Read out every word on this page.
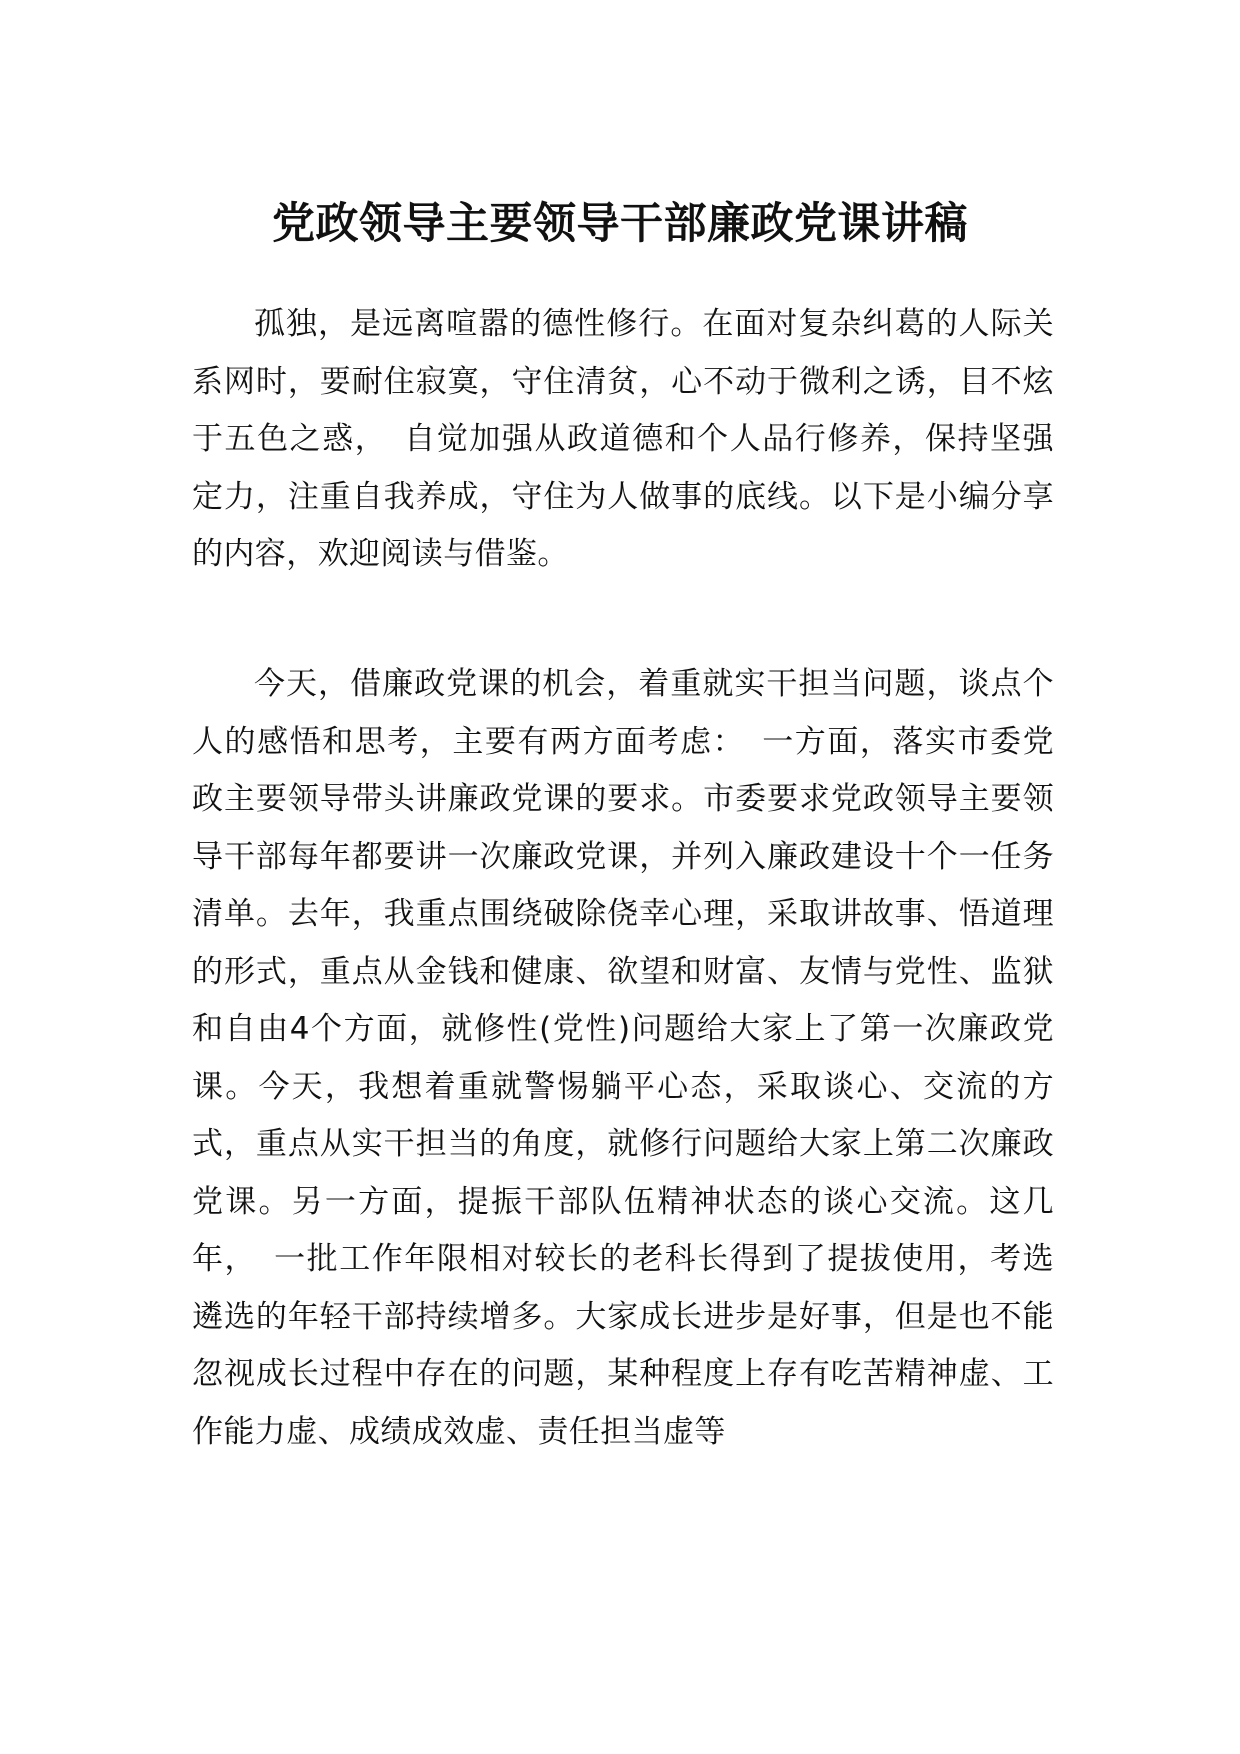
党政领导主要领导干部廉政党课讲稿

孤独，是远离喧嚣的德性修行。在面对复杂纠葛的人际关系网时，要耐住寂寞，守住清贫，心不动于微利之诱，目不炫于五色之惑，　自觉加强从政道德和个人品行修养，保持坚强定力，注重自我养成，守住为人做事的底线。以下是小编分享的内容，欢迎阅读与借鉴。

今天，借廉政党课的机会，着重就实干担当问题，谈点个人的感悟和思考，主要有两方面考虑：　一方面，落实市委党政主要领导带头讲廉政党课的要求。市委要求党政领导主要领导干部每年都要讲一次廉政党课，并列入廉政建设十个一任务清单。去年，我重点围绕破除侥幸心理，采取讲故事、悟道理的形式，重点从金钱和健康、欲望和财富、友情与党性、监狱和自由4个方面，就修性(党性)问题给大家上了第一次廉政党课。今天，我想着重就警惕躺平心态，采取谈心、交流的方式，重点从实干担当的角度，就修行问题给大家上第二次廉政党课。另一方面，提振干部队伍精神状态的谈心交流。这几年，　一批工作年限相对较长的老科长得到了提拔使用，考选遴选的年轻干部持续增多。大家成长进步是好事，但是也不能忽视成长过程中存在的问题，某种程度上存有吃苦精神虚、工作能力虚、成绩成效虚、责任担当虚等
